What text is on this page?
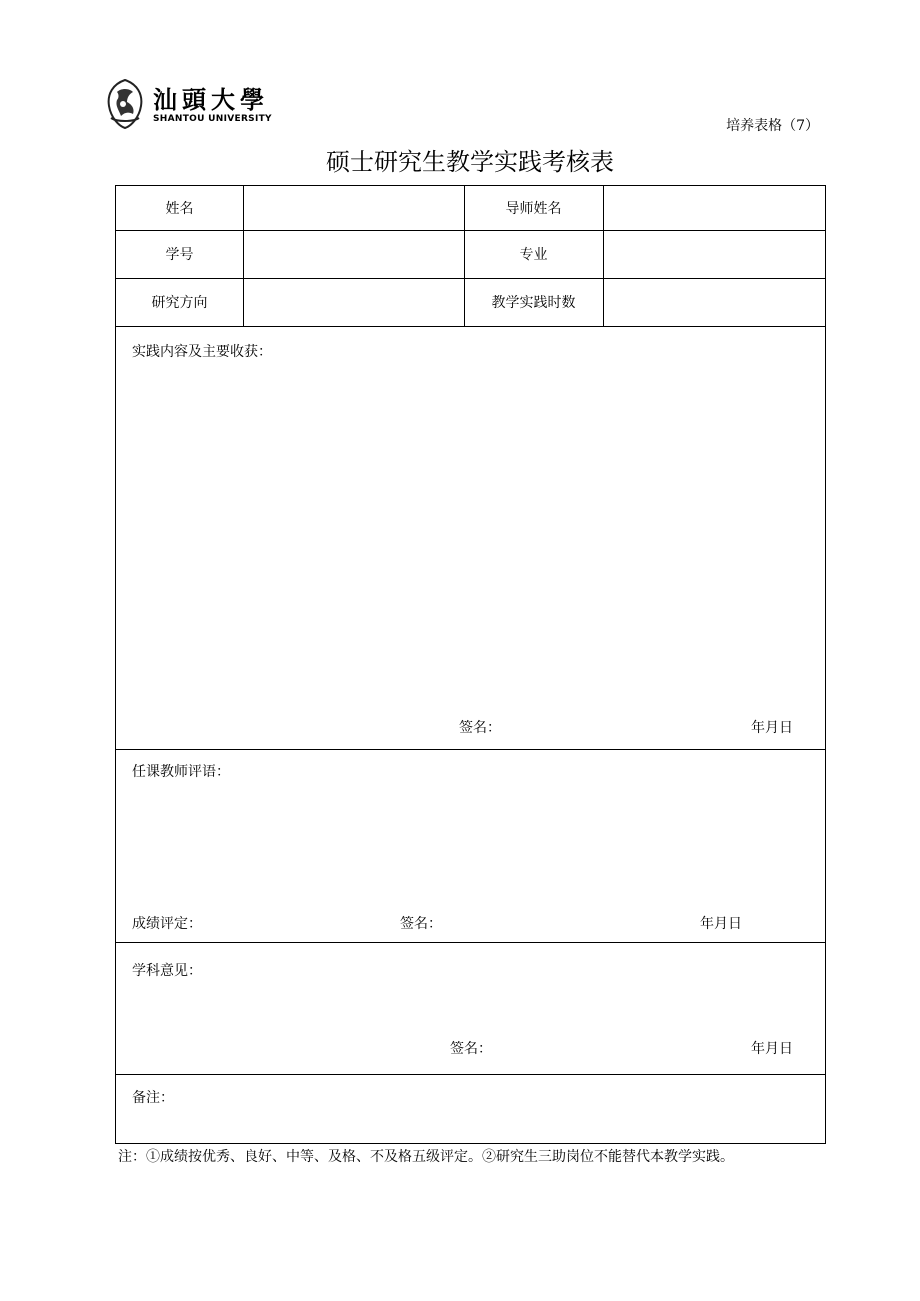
汕頭大學
SHANTOU UNIVERSITY	培养表格（7）
硕士研究生教学实践考核表
姓名	导师姓名
学号	专业
研究方向	教学实践时数
实践内容及主要收获：
签名：	年月日
任课教师评语：
成绩评定：	签名：	年月日
学科意见：
签名：	年月日
备注：
注：①成绩按优秀、良好、中等、及格、不及格五级评定。②研究生三助岗位不能替代本教学实践。
